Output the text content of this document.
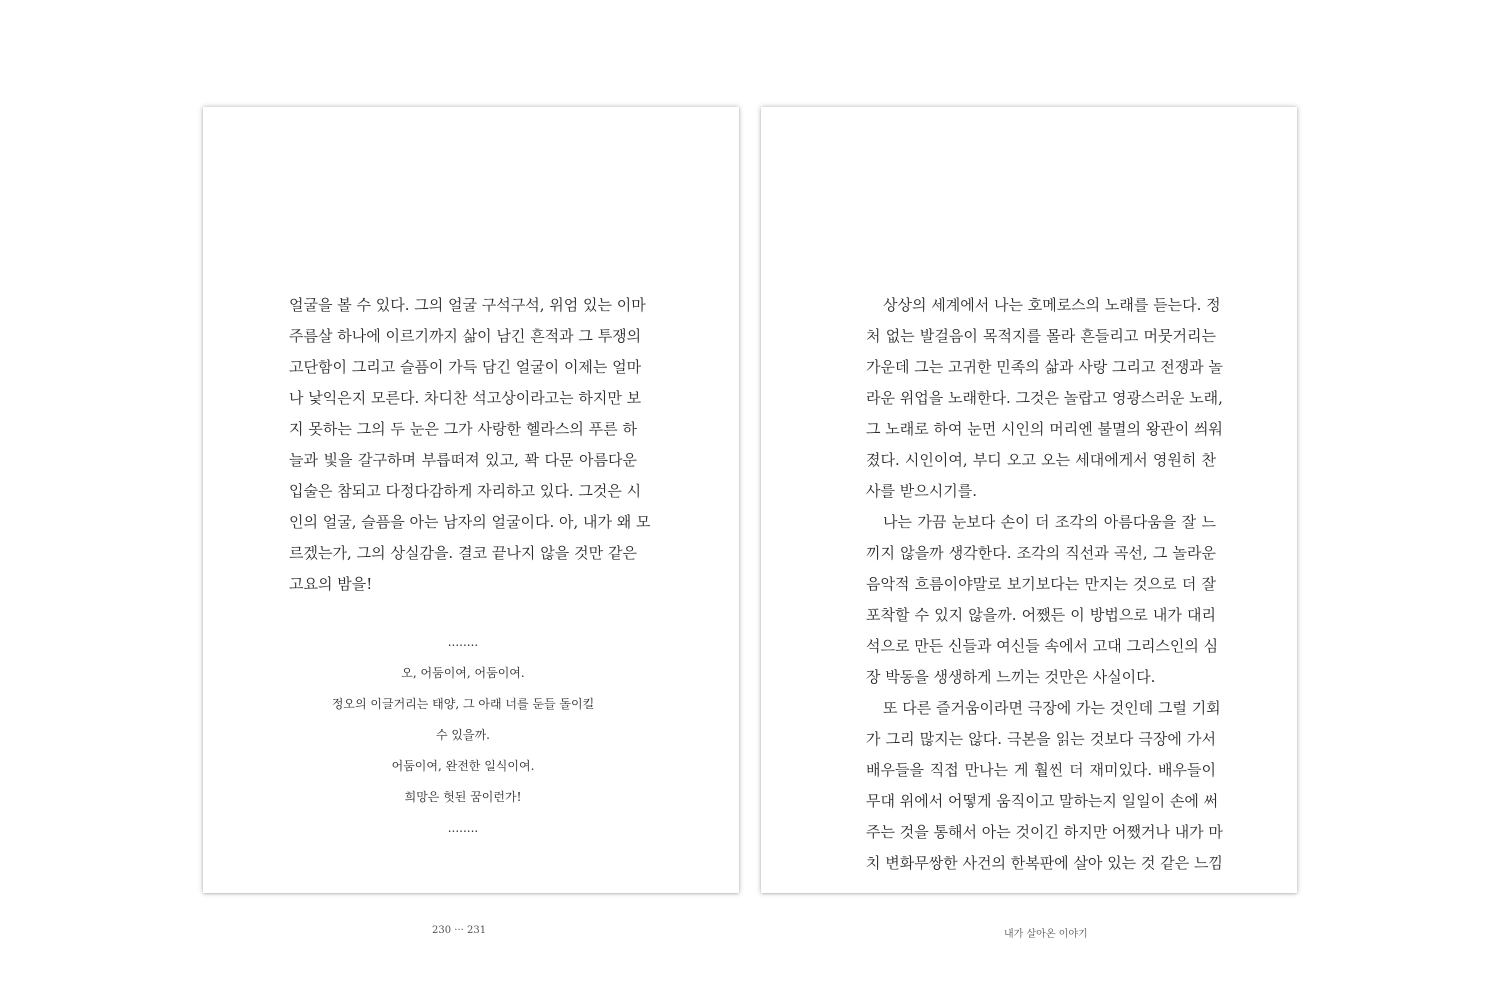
얼굴을 볼 수 있다. 그의 얼굴 구석구석, 위엄 있는 이마
주름살 하나에 이르기까지 삶이 남긴 흔적과 그 투쟁의
고단함이 그리고 슬픔이 가득 담긴 얼굴이 이제는 얼마
나 낯익은지 모른다. 차디찬 석고상이라고는 하지만 보
지 못하는 그의 두 눈은 그가 사랑한 헬라스의 푸른 하
늘과 빛을 갈구하며 부릅떠져 있고, 꽉 다문 아름다운
입술은 참되고 다정다감하게 자리하고 있다. 그것은 시
인의 얼굴, 슬픔을 아는 남자의 얼굴이다. 아, 내가 왜 모
르겠는가, 그의 상실감을. 결코 끝나지 않을 것만 같은
고요의 밤을!
........
오, 어둠이여, 어둠이여.
정오의 이글거리는 태양, 그 아래 너를 둔들 돌이킬
수 있을까.
어둠이여, 완전한 일식이여.
희망은 헛된 꿈이런가!
........
230 ··· 231
상상의 세계에서 나는 호메로스의 노래를 듣는다. 정
처 없는 발걸음이 목적지를 몰라 흔들리고 머뭇거리는
가운데 그는 고귀한 민족의 삶과 사랑 그리고 전쟁과 놀
라운 위업을 노래한다. 그것은 놀랍고 영광스러운 노래,
그 노래로 하여 눈먼 시인의 머리엔 불멸의 왕관이 씌워
졌다. 시인이여, 부디 오고 오는 세대에게서 영원히 찬
사를 받으시기를.
나는 가끔 눈보다 손이 더 조각의 아름다움을 잘 느
끼지 않을까 생각한다. 조각의 직선과 곡선, 그 놀라운
음악적 흐름이야말로 보기보다는 만지는 것으로 더 잘
포착할 수 있지 않을까. 어쨌든 이 방법으로 내가 대리
석으로 만든 신들과 여신들 속에서 고대 그리스인의 심
장 박동을 생생하게 느끼는 것만은 사실이다.
또 다른 즐거움이라면 극장에 가는 것인데 그럴 기회
가 그리 많지는 않다. 극본을 읽는 것보다 극장에 가서
배우들을 직접 만나는 게 훨씬 더 재미있다. 배우들이
무대 위에서 어떻게 움직이고 말하는지 일일이 손에 써
주는 것을 통해서 아는 것이긴 하지만 어쨌거나 내가 마
치 변화무쌍한 사건의 한복판에 살아 있는 것 같은 느낌
내가 살아온 이야기
